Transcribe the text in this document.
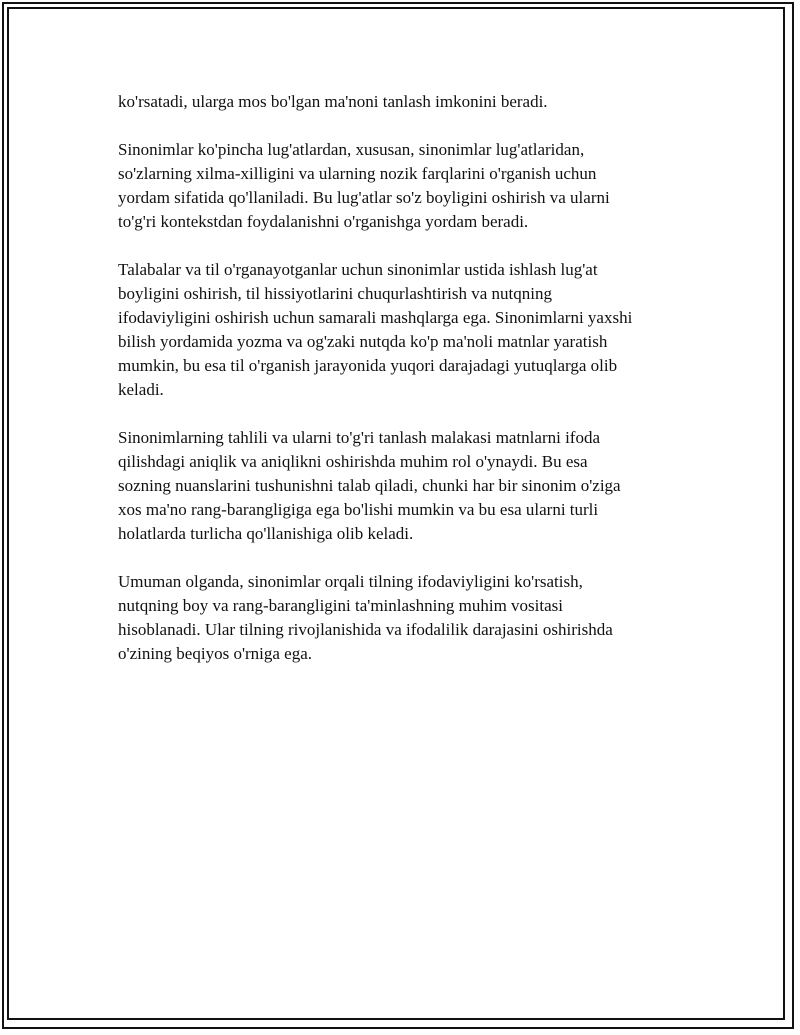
ko'rsatadi, ularga mos bo'lgan ma'noni tanlash imkonini beradi.

Sinonimlar ko'pincha lug'atlardan, xususan, sinonimlar lug'atlaridan,
so'zlarning xilma-xilligini va ularning nozik farqlarini o'rganish uchun
yordam sifatida qo'llaniladi. Bu lug'atlar so'z boyligini oshirish va ularni
to'g'ri kontekstdan foydalanishni o'rganishga yordam beradi.

Talabalar va til o'rganayotganlar uchun sinonimlar ustida ishlash lug'at
boyligini oshirish, til hissiyotlarini chuqurlashtirish va nutqning
ifodaviyligini oshirish uchun samarali mashqlarga ega. Sinonimlarni yaxshi
bilish yordamida yozma va og'zaki nutqda ko'p ma'noli matnlar yaratish
mumkin, bu esa til o'rganish jarayonida yuqori darajadagi yutuqlarga olib
keladi.

Sinonimlarning tahlili va ularni to'g'ri tanlash malakasi matnlarni ifoda
qilishdagi aniqlik va aniqlikni oshirishda muhim rol o'ynaydi. Bu esa
sozning nuanslarini tushunishni talab qiladi, chunki har bir sinonim o'ziga
xos ma'no rang-barangligiga ega bo'lishi mumkin va bu esa ularni turli
holatlarda turlicha qo'llanishiga olib keladi.

Umuman olganda, sinonimlar orqali tilning ifodaviyligini ko'rsatish,
nutqning boy va rang-barangligini ta'minlashning muhim vositasi
hisoblanadi. Ular tilning rivojlanishida va ifodalilik darajasini oshirishda
o'zining beqiyos o'rniga ega.
